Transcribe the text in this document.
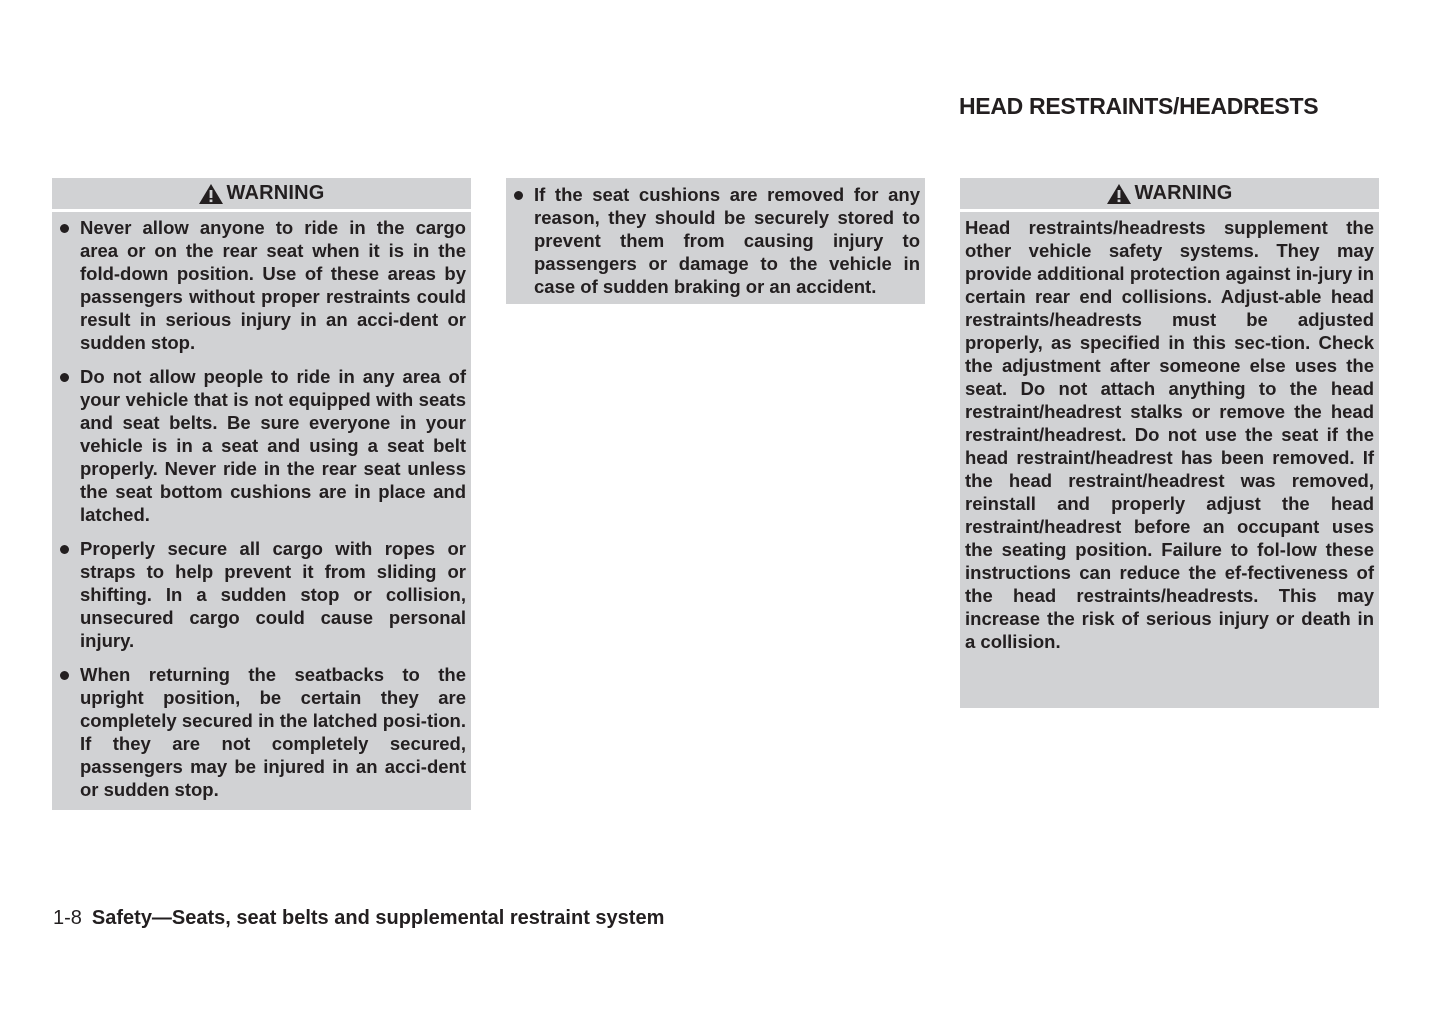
HEAD RESTRAINTS/HEADRESTS
WARNING
Never allow anyone to ride in the cargo area or on the rear seat when it is in the fold-down position. Use of these areas by passengers without proper restraints could result in serious injury in an acci-dent or sudden stop.
Do not allow people to ride in any area of your vehicle that is not equipped with seats and seat belts. Be sure everyone in your vehicle is in a seat and using a seat belt properly. Never ride in the rear seat unless the seat bottom cushions are in place and latched.
Properly secure all cargo with ropes or straps to help prevent it from sliding or shifting. In a sudden stop or collision, unsecured cargo could cause personal injury.
When returning the seatbacks to the upright position, be certain they are completely secured in the latched posi-tion. If they are not completely secured, passengers may be injured in an acci-dent or sudden stop.
If the seat cushions are removed for any reason, they should be securely stored to prevent them from causing injury to passengers or damage to the vehicle in case of sudden braking or an accident.
WARNING

Head restraints/headrests supplement the other vehicle safety systems. They may provide additional protection against in-jury in certain rear end collisions. Adjust-able head restraints/headrests must be adjusted properly, as specified in this sec-tion. Check the adjustment after someone else uses the seat. Do not attach anything to the head restraint/headrest stalks or remove the head restraint/headrest. Do not use the seat if the head restraint/headrest has been removed. If the head restraint/headrest was removed, reinstall and properly adjust the head restraint/headrest before an occupant uses the seating position. Failure to fol-low these instructions can reduce the ef-fectiveness of the head restraints/headrests. This may increase the risk of serious injury or death in a collision.

1-8 Safety—Seats, seat belts and supplemental restraint system
